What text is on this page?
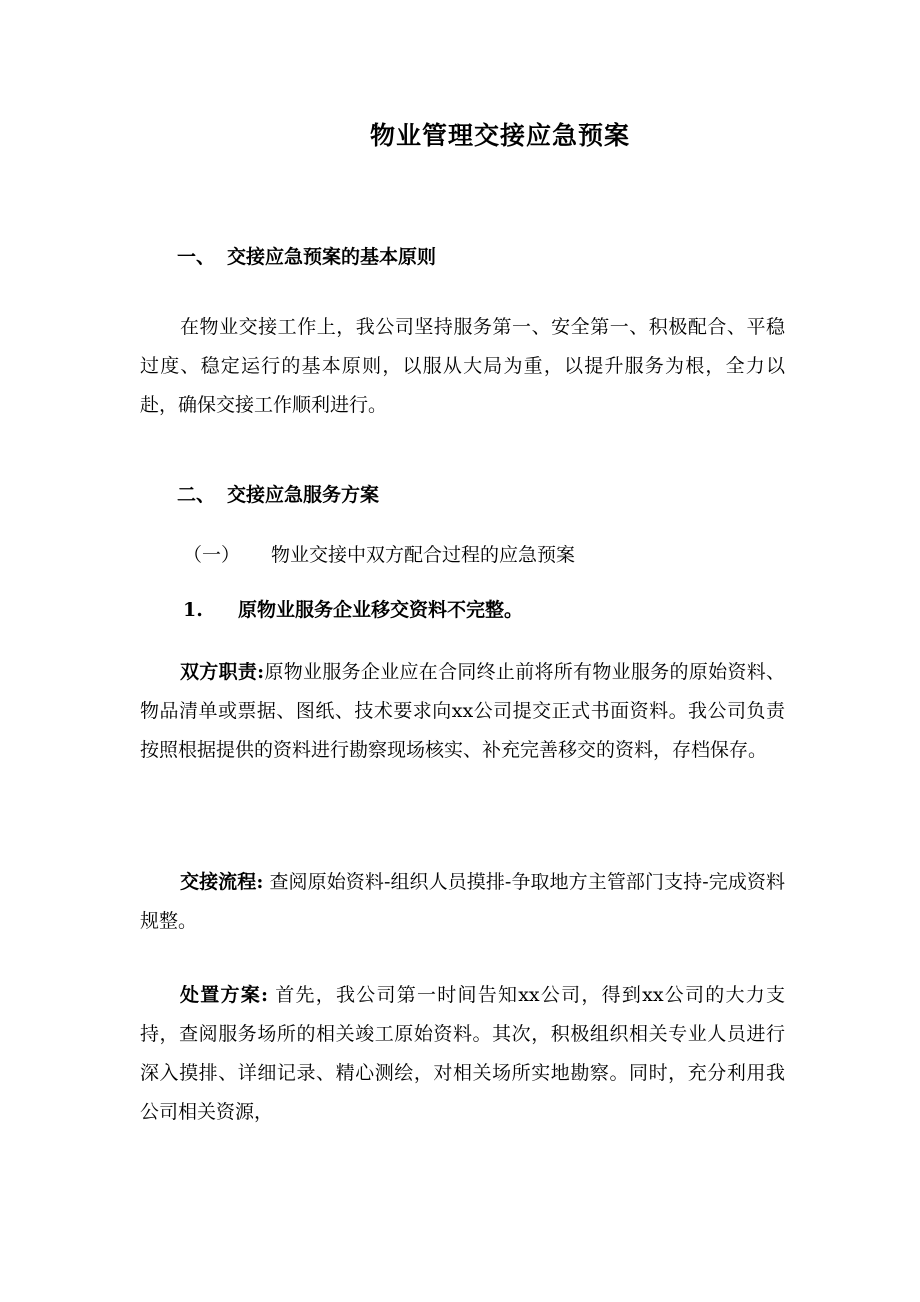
物业管理交接应急预案
一、 交接应急预案的基本原则
在物业交接工作上，我公司坚持服务第一、安全第一、积极配合、平稳过度、稳定运行的基本原则，以服从大局为重，以提升服务为根，全力以赴，确保交接工作顺利进行。
二、 交接应急服务方案
（一） 物业交接中双方配合过程的应急预案
1. 原物业服务企业移交资料不完整。
双方职责:原物业服务企业应在合同终止前将所有物业服务的原始资料、物品清单或票据、图纸、技术要求向xx公司提交正式书面资料。我公司负责按照根据提供的资料进行勘察现场核实、补充完善移交的资料，存档保存。
交接流程: 查阅原始资料-组织人员摸排-争取地方主管部门支持-完成资料规整。
处置方案: 首先，我公司第一时间告知xx公司，得到xx公司的大力支持，查阅服务场所的相关竣工原始资料。其次，积极组织相关专业人员进行深入摸排、详细记录、精心测绘，对相关场所实地勘察。同时，充分利用我公司相关资源，
